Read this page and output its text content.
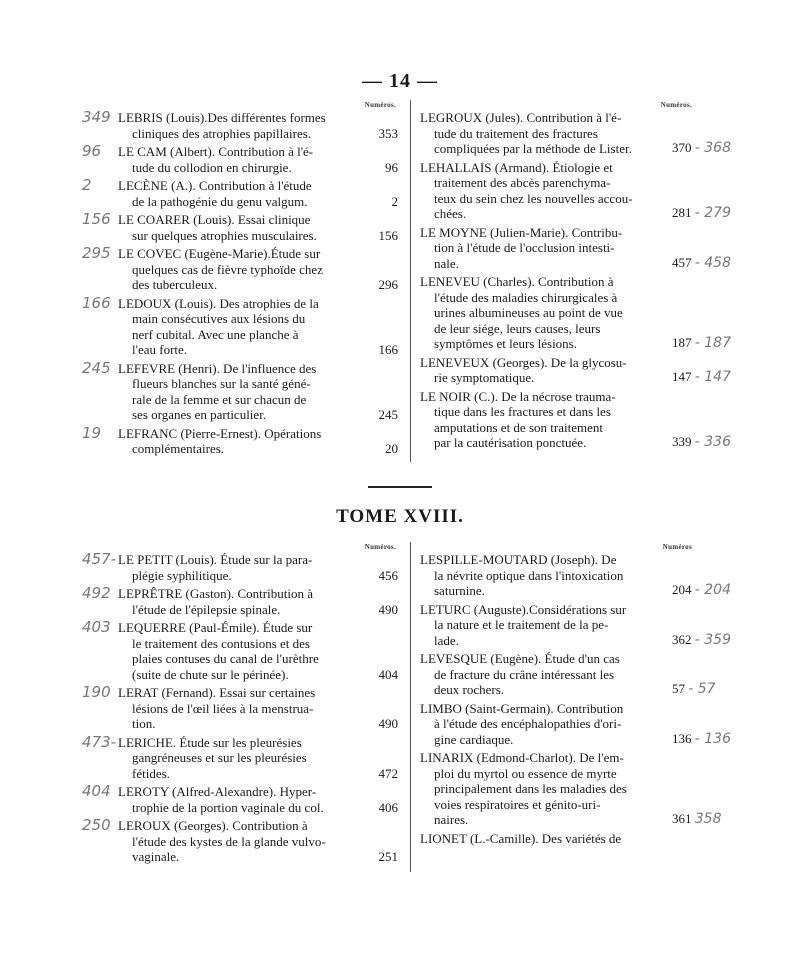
— 14 —
Numéros.
349 LEBRIS (Louis).Des différentes formes
cliniques des atrophies papillaires.	353
96 LE CAM (Albert). Contribution à l'é-
tude du collodion en chirurgie.	96
2 LECÈNE (A.). Contribution à l'étude
de la pathogénie du genu valgum.	2
156 LE COARER (Louis). Essai clinique
sur quelques atrophies musculaires.	156
295 LE COVEC (Eugène-Marie).Étude sur
quelques cas de fièvre typhoïde chez
des tuberculeux.	296
166 LEDOUX (Louis). Des atrophies de la
main consécutives aux lésions du
nerf cubital. Avec une planche à
l'eau forte.	166
245 LEFEVRE (Henri). De l'influence des
flueurs blanches sur la santé géné-
rale de la femme et sur chacun de
ses organes en particulier.	245
19 LEFRANC (Pierre-Ernest). Opérations
complémentaires.	20
Numéros.
LEGROUX (Jules). Contribution à l'é-
tude du traitement des fractures
compliquées par la méthode de Lister.	370 - 368
LEHALLAIS (Armand). Étiologie et
traitement des abcès parenchyma-
teux du sein chez les nouvelles accou-
chées.	281 - 279
LE MOYNE (Julien-Marie). Contribu-
tion à l'étude de l'occlusion intesti-
nale.	457 - 458
LENEVEU (Charles). Contribution à
l'étude des maladies chirurgicales à
urines albumineuses au point de vue
de leur siége, leurs causes, leurs
symptômes et leurs lésions.	187 - 187
LENEVEUX (Georges). De la glycosu-
rie symptomatique.	147 - 147
LE NOIR (C.). De la nécrose trauma-
tique dans les fractures et dans les
amputations et de son traitement
par la cautérisation ponctuée.	339 - 336
TOME XVIII.
Numéros.
457- LE PETIT (Louis). Étude sur la para-
plégie syphilitique.	456
492 LEPRÊTRE (Gaston). Contribution à
l'étude de l'épilepsie spinale.	490
403 LEQUERRE (Paul-Émile). Étude sur
le traitement des contusions et des
plaies contuses du canal de l'urèthre
(suite de chute sur le périnée).	404
190 LERAT (Fernand). Essai sur certaines
lésions de l'œil liées à la menstrua-
tion.	490
473- LERICHE. Étude sur les pleurésies
gangréneuses et sur les pleurésies
fétides.	472
404 LEROTY (Alfred-Alexandre). Hyper-
trophie de la portion vaginale du col.	406
250 LEROUX (Georges). Contribution à
l'étude des kystes de la glande vulvo-
vaginale.	251
Numéros
LESPILLE-MOUTARD (Joseph). De
la névrite optique dans l'intoxication
saturnine.	204 - 204
LETURC (Auguste).Considérations sur
la nature et le traitement de la pe-
lade.	362 - 359
LEVESQUE (Eugène). Étude d'un cas
de fracture du crâne intéressant les
deux rochers.	57 - 57
LIMBO (Saint-Germain). Contribution
à l'étude des encéphalopathies d'ori-
gine cardiaque.	136 - 136
LINARIX (Edmond-Charlot). De l'em-
ploi du myrtol ou essence de myrte
principalement dans les maladies des
voies respiratoires et génito-uri-
naires.	361 358
LIONET (L.-Camille). Des variétés de
